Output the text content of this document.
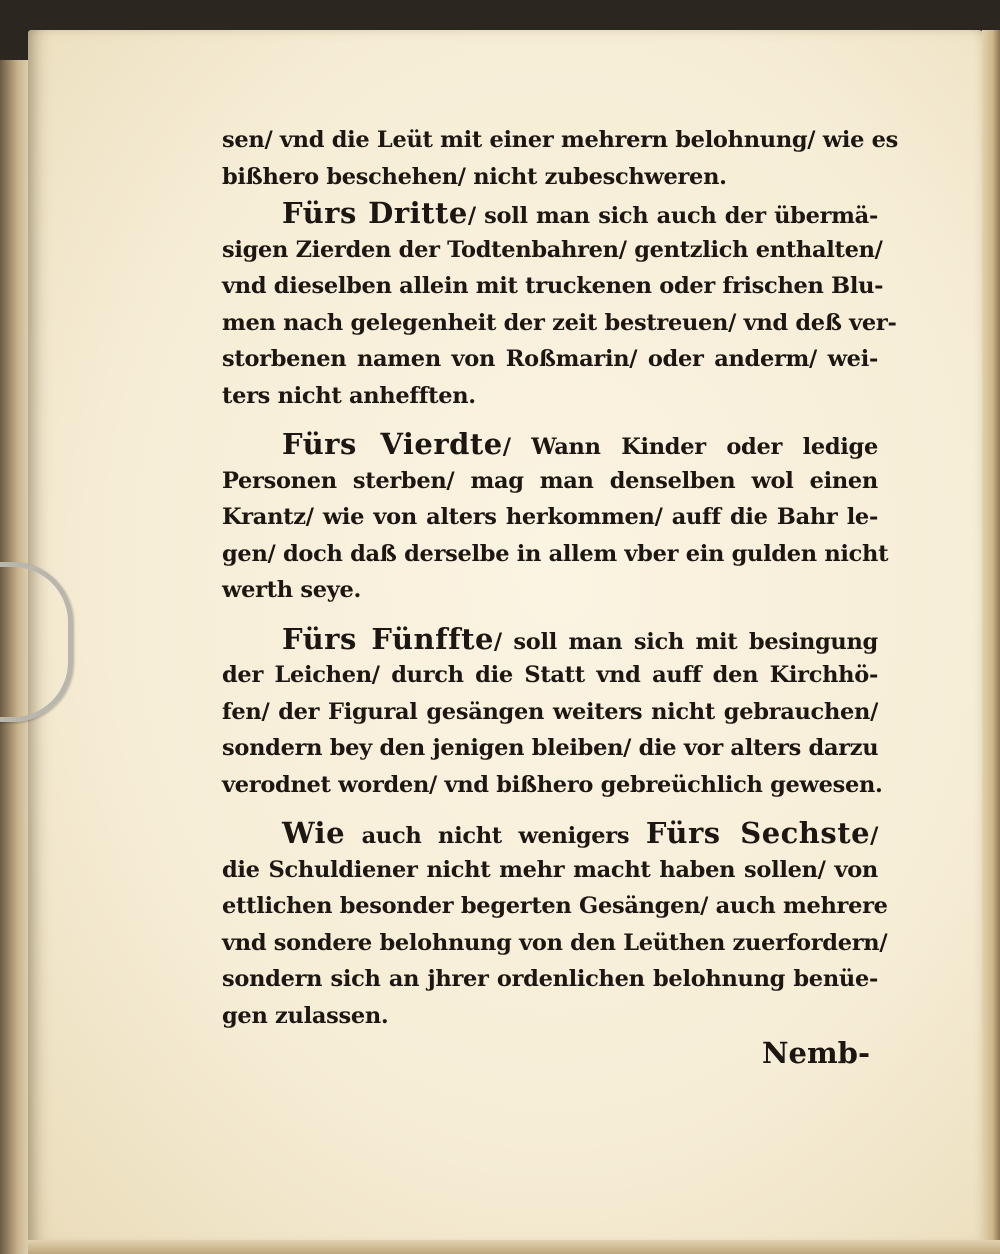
sen/ vnd die Leüt mit einer mehrern belohnung/ wie es
bißhero beschehen/ nicht zubeschweren.
Fürs Dritte/ soll man sich auch der übermä-
sigen Zierden der Todtenbahren/ gentzlich enthalten/
vnd dieselben allein mit truckenen oder frischen Blu-
men nach gelegenheit der zeit bestreuen/ vnd deß ver-
storbenen namen von Roßmarin/ oder anderm/ wei-
ters nicht anhefften.
Fürs Vierdte/ Wann Kinder oder ledige
Personen sterben/ mag man denselben wol einen
Krantz/ wie von alters herkommen/ auff die Bahr le-
gen/ doch daß derselbe in allem vber ein gulden nicht
werth seye.
Fürs Fünffte/ soll man sich mit besingung
der Leichen/ durch die Statt vnd auff den Kirchhö-
fen/ der Figural gesängen weiters nicht gebrauchen/
sondern bey den jenigen bleiben/ die vor alters darzu
verodnet worden/ vnd bißhero gebreüchlich gewesen.
Wie auch nicht wenigers Fürs Sechste/
die Schuldiener nicht mehr macht haben sollen/ von
ettlichen besonder begerten Gesängen/ auch mehrere
vnd sondere belohnung von den Leüthen zuerfordern/
sondern sich an jhrer ordenlichen belohnung benüe-
gen zulassen.
Nemb-
